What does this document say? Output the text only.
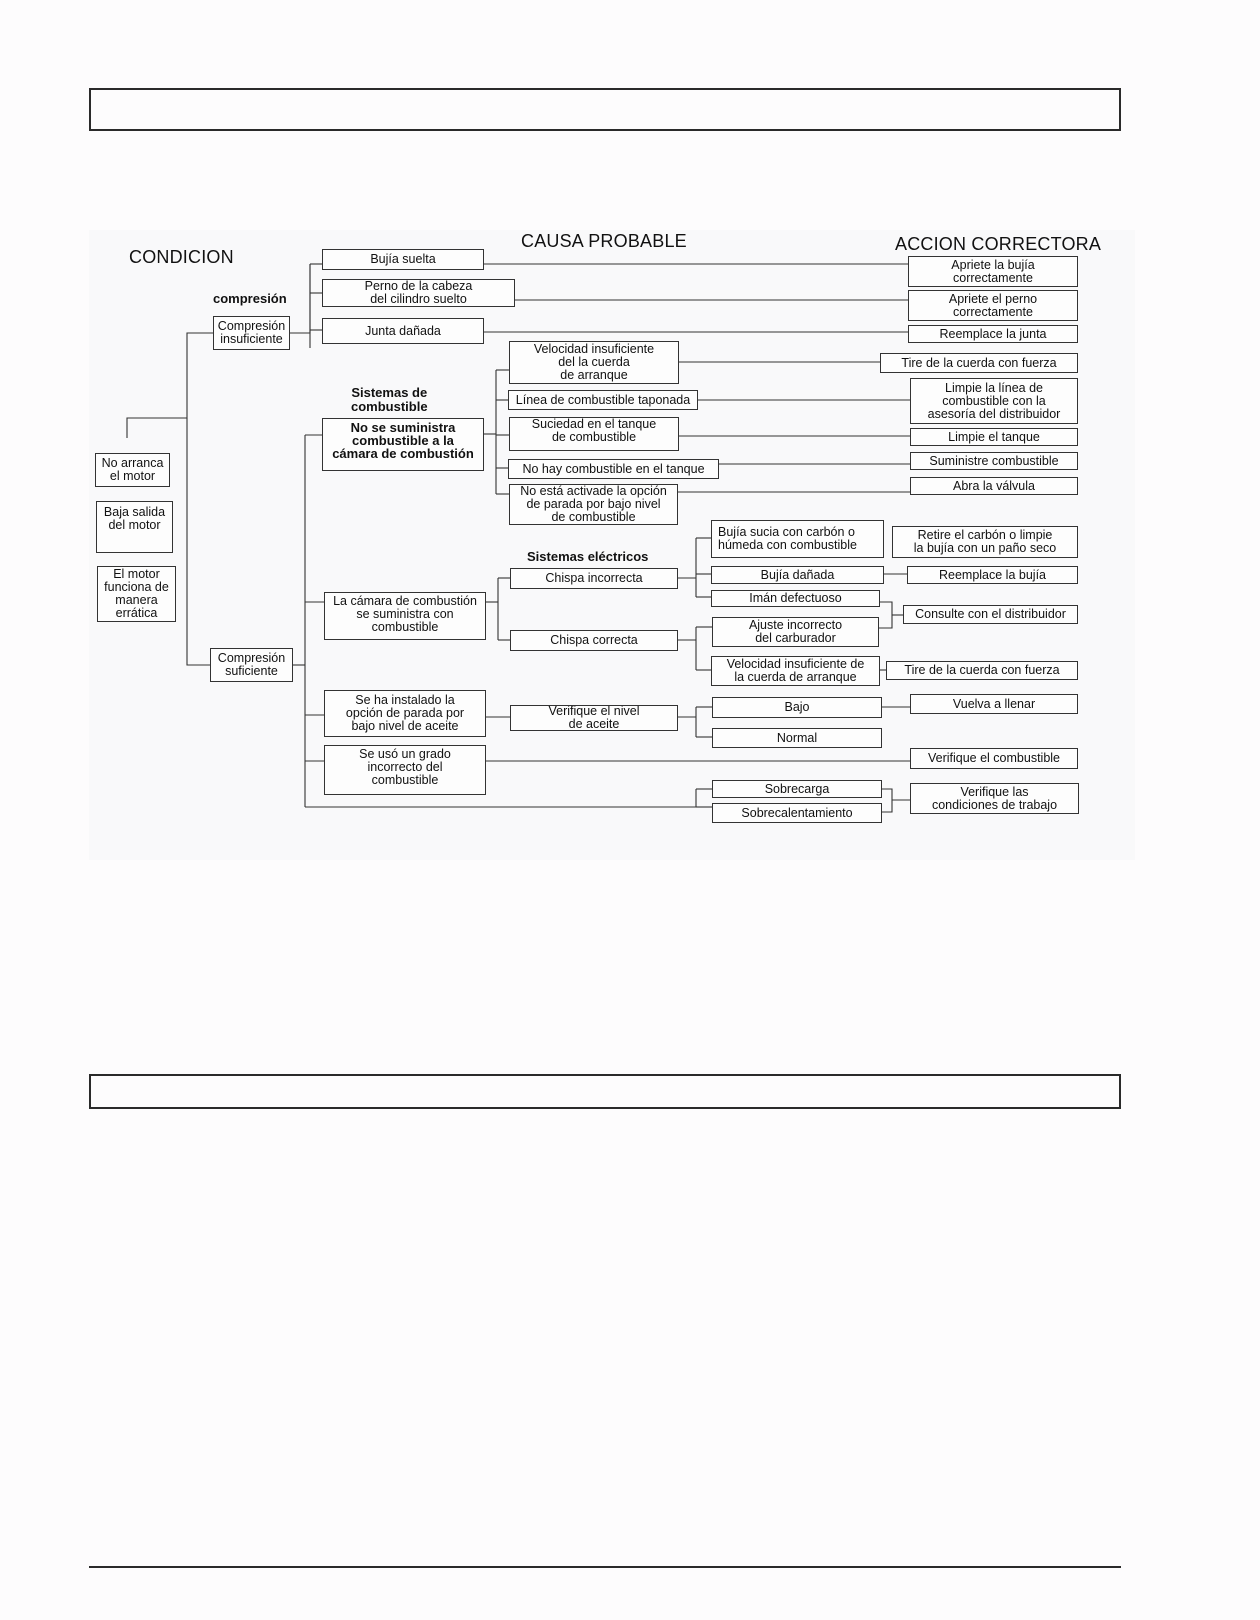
CONDICION
CAUSA PROBABLE	ACCION CORRECTORA
compresión
Sistemas de
combustible
Sistemas eléctricos
No arranca
el motor
Baja salida
del motor
El motor
funciona de
manera
errática
Compresión
insuficiente
Compresión
suficiente
Bujía suelta
Perno de la cabeza
del cilindro suelto
Junta dañada
No se suministra
combustible a la
cámara de combustión
Velocidad insuficiente
del la cuerda
de arranque
Línea de combustible taponada
Suciedad en el tanque
de combustible
No hay combustible en el tanque
No está activade la opción
de parada por bajo nivel
de combustible
La cámara de combustión
se suministra con
combustible
Chispa incorrecta
Chispa correcta
Bujía sucia con carbón o
húmeda con combustible
Bujía dañada
Imán defectuoso
Ajuste incorrecto
del carburador
Velocidad insuficiente de
la cuerda de arranque
Se ha instalado la
opción de parada por
bajo nivel de aceite
Verifique el nivel
de aceite
Bajo
Normal
Se usó un grado
incorrecto del
combustible
Sobrecarga
Sobrecalentamiento
Apriete la bujía
correctamente
Apriete el perno
correctamente
Reemplace la junta
Tire de la cuerda con fuerza
Limpie la línea de
combustible con la
asesoría del distribuidor
Limpie el tanque
Suministre combustible
Abra la válvula
Retire el carbón o limpie
la bujía con un paño seco
Reemplace la bujía
Consulte con el distribuidor
Tire de la cuerda con fuerza
Vuelva a llenar
Verifique el combustible
Verifique las
condiciones de trabajo
